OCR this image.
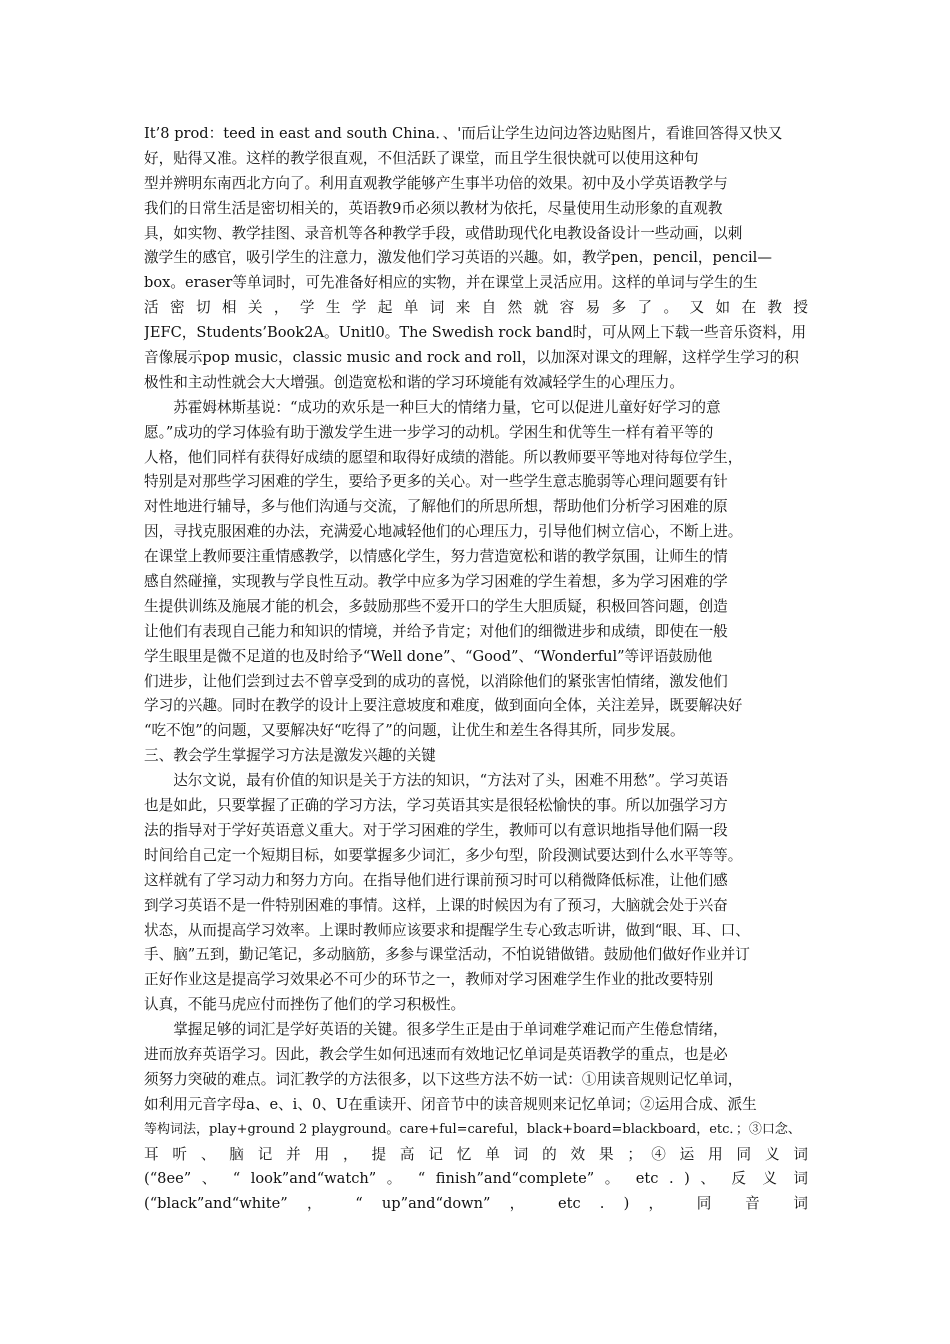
It’8 prod：teed in east and south China．、'而后让学生边问边答边贴图片，看谁回答得又快又
好，贴得又准。这样的教学很直观，不但活跃了课堂，而且学生很快就可以使用这种句
型并辨明东南西北方向了。利用直观教学能够产生事半功倍的效果。初中及小学英语教学与
我们的日常生活是密切相关的，英语教9币必须以教材为依托，尽量使用生动形象的直观教
具，如实物、教学挂图、录音机等各种教学手段，或借助现代化电教设备设计一些动画，以刺
激学生的感官，吸引学生的注意力，激发他们学习英语的兴趣。如，教学pen，pencil，pencil—
box。eraser等单词时，可先准备好相应的实物，并在课堂上灵活应用。这样的单词与学生的生
活 密 切 相 关 ， 学 生 学 起 单 词 来 自 然 就 容 易 多 了 。 又 如 在 教 授
JEFC，Students’Book2A。Unitl0。The Swedish rock band时，可从网上下载一些音乐资料，用
音像展示pop music，classic music and rock and roll，以加深对课文的理解，这样学生学习的积
极性和主动性就会大大增强。创造宽松和谐的学习环境能有效减轻学生的心理压力。
　　苏霍姆林斯基说：“成功的欢乐是一种巨大的情绪力量，它可以促进儿童好好学习的意
愿。”成功的学习体验有助于激发学生进一步学习的动机。学困生和优等生一样有着平等的
人格，他们同样有获得好成绩的愿望和取得好成绩的潜能。所以教师要平等地对待每位学生，
特别是对那些学习困难的学生，要给予更多的关心。对一些学生意志脆弱等心理问题要有针
对性地进行辅导，多与他们沟通与交流，了解他们的所思所想，帮助他们分析学习困难的原
因，寻找克服困难的办法，充满爱心地减轻他们的心理压力，引导他们树立信心，不断上进。
在课堂上教师要注重情感教学，以情感化学生，努力营造宽松和谐的教学氛围，让师生的情
感自然碰撞，实现教与学良性互动。教学中应多为学习困难的学生着想，多为学习困难的学
生提供训练及施展才能的机会，多鼓励那些不爱开口的学生大胆质疑，积极回答问题，创造
让他们有表现自己能力和知识的情境，并给予肯定；对他们的细微进步和成绩，即使在一般
学生眼里是微不足道的也及时给予“Well done”、“Good”、“Wonderful”等评语鼓励他
们进步，让他们尝到过去不曾享受到的成功的喜悦，以消除他们的紧张害怕情绪，激发他们
学习的兴趣。同时在教学的设计上要注意坡度和难度，做到面向全体，关注差异，既要解决好
“吃不饱”的问题，又要解决好“吃得了”的问题，让优生和差生各得其所，同步发展。
三、教会学生掌握学习方法是激发兴趣的关键
　　达尔文说，最有价值的知识是关于方法的知识，“方法对了头，困难不用愁”。学习英语
也是如此，只要掌握了正确的学习方法，学习英语其实是很轻松愉快的事。所以加强学习方
法的指导对于学好英语意义重大。对于学习困难的学生，教师可以有意识地指导他们隔一段
时间给自己定一个短期目标，如要掌握多少词汇，多少句型，阶段测试要达到什么水平等等。
这样就有了学习动力和努力方向。在指导他们进行课前预习时可以稍微降低标准，让他们感
到学习英语不是一件特别困难的事情。这样，上课的时候因为有了预习，大脑就会处于兴奋
状态，从而提高学习效率。上课时教师应该要求和提醒学生专心致志听讲，做到“眼、耳、口、
手、脑”五到，勤记笔记，多动脑筋，多参与课堂活动，不怕说错做错。鼓励他们做好作业并订
正好作业这是提高学习效果必不可少的环节之一，教师对学习困难学生作业的批改要特别
认真，不能马虎应付而挫伤了他们的学习积极性。
　　掌握足够的词汇是学好英语的关键。很多学生正是由于单词难学难记而产生倦怠情绪，
进而放弃英语学习。因此，教会学生如何迅速而有效地记忆单词是英语教学的重点，也是必
须努力突破的难点。词汇教学的方法很多，以下这些方法不妨一试：①用读音规则记忆单词，
如利用元音字母a、e、i、0、U在重读开、闭音节中的读音规则来记忆单词；②运用合成、派生
等构词法，play+ground 2 playground。care+ful=careful，black+board=blackboard，etc．；③口念、
耳 听 、 脑 记 并 用 ， 提 高 记 忆 单 词 的 效 果 ； ④ 运 用 同 义 词
(“8ee” 、 “ look”and“watch” 。 “ finish”and“complete” 。 etc . ) 、 反 义 词
(“black”and“white” ， “ up”and“down” ， etc . ) ， 同 音 词
